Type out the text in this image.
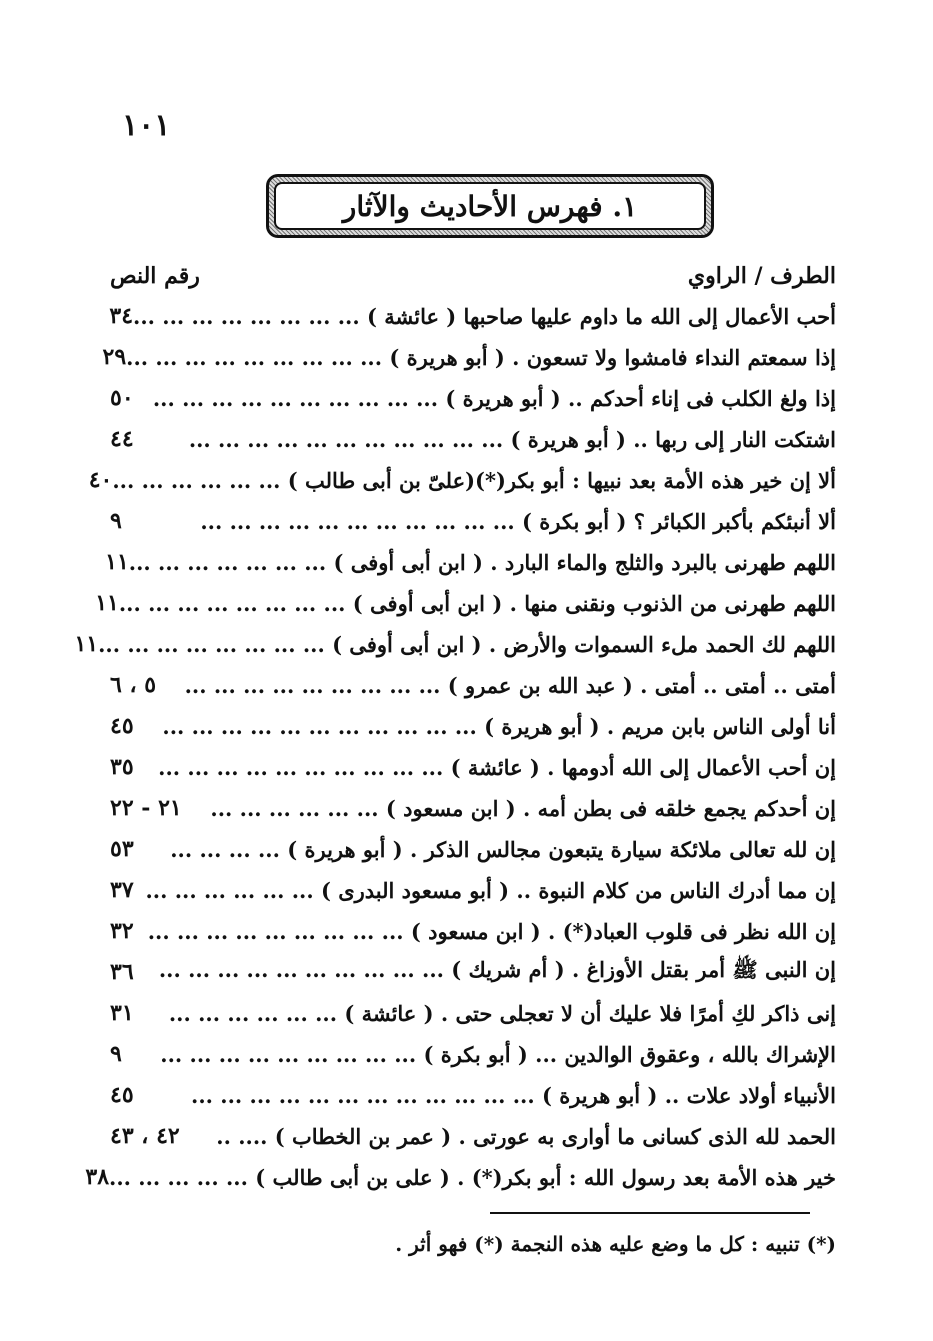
١٠١
١. فهرس الأحاديث والآثار
الطرف / الراوي
رقم النص
أحب الأعمال إلى الله ما داوم عليها صاحبها ( عائشة ) ... ... ... ... ... ... ... ...
٣٤
إذا سمعتم النداء فامشوا ولا تسعون . ( أبو هريرة ) ... ... ... ... ... ... ... ... ...
٢٩
إذا ولغ الكلب فى إناء أحدكم .. ( أبو هريرة ) ... ... ... ... ... ... ... ... ... ...
٥٠
اشتكت النار إلى ربها .. ( أبو هريرة ) ... ... ... ... ... ... ... ... ... ... ...
٤٤
ألا إن خير هذه الأمة بعد نبيها : أبو بكر(*)(علىّ بن أبى طالب ) ... ... ... ... ... ...
٤٠
ألا أنبئكم بأكبر الكبائر ؟ ( أبو بكرة ) ... ... ... ... ... ... ... ... ... ... ...
٩
اللهم طهرنى بالبرد والثلج والماء البارد . ( ابن أبى أوفى ) ... ... ... ... ... ... ...
١١
اللهم طهرنى من الذنوب ونقنى منها . ( ابن أبى أوفى ) ... ... ... ... ... ... ... ...
١١
اللهم لك الحمد ملء السموات والأرض . ( ابن أبى أوفى ) ... ... ... ... ... ... ... ...
١١
أمتى .. أمتى .. أمتى . ( عبد الله بن عمرو ) ... ... ... ... ... ... ... ... ...
٥ ، ٦
أنا أولى الناس بابن مريم . ( أبو هريرة ) ... ... ... ... ... ... ... ... ... ... ...
٤٥
إن أحب الأعمال إلى الله أدومها . ( عائشة ) ... ... ... ... ... ... ... ... ... ...
٣٥
إن أحدكم يجمع خلقه فى بطن أمه . ( ابن مسعود ) ... ... ... ... ... ...
٢١ - ٢٢
إن لله تعالى ملائكة سيارة يتبعون مجالس الذكر . ( أبو هريرة ) ... ... ... ...
٥٣
إن مما أدرك الناس من كلام النبوة .. ( أبو مسعود البدرى ) ... ... ... ... ... ...
٣٧
إن الله نظر فى قلوب العباد(*) . ( ابن مسعود ) ... ... ... ... ... ... ... ... ...
٣٢
إن النبى ﷺ أمر بقتل الأوزاغ . ( أم شريك ) ... ... ... ... ... ... ... ... ... ...
٣٦
إنى ذاكر لكِ أمرًا فلا عليك أن لا تعجلى حتى . ( عائشة ) ... ... ... ... ... ...
٣١
الإشراك بالله ، وعقوق الوالدين ... ( أبو بكرة ) ... ... ... ... ... ... ... ... ...
٩
الأنبياء أولاد علات .. ( أبو هريرة ) ... ... ... ... ... ... ... ... ... ... ... ...
٤٥
الحمد لله الذى كسانى ما أوارى به عورتى . ( عمر بن الخطاب ) .... ..
٤٢ ، ٤٣
خير هذه الأمة بعد رسول الله : أبو بكر(*) . ( على بن أبى طالب ) ... ... ... ... ...
٣٨
(*) تنبيه : كل ما وضع عليه هذه النجمة (*) فهو أثر .
